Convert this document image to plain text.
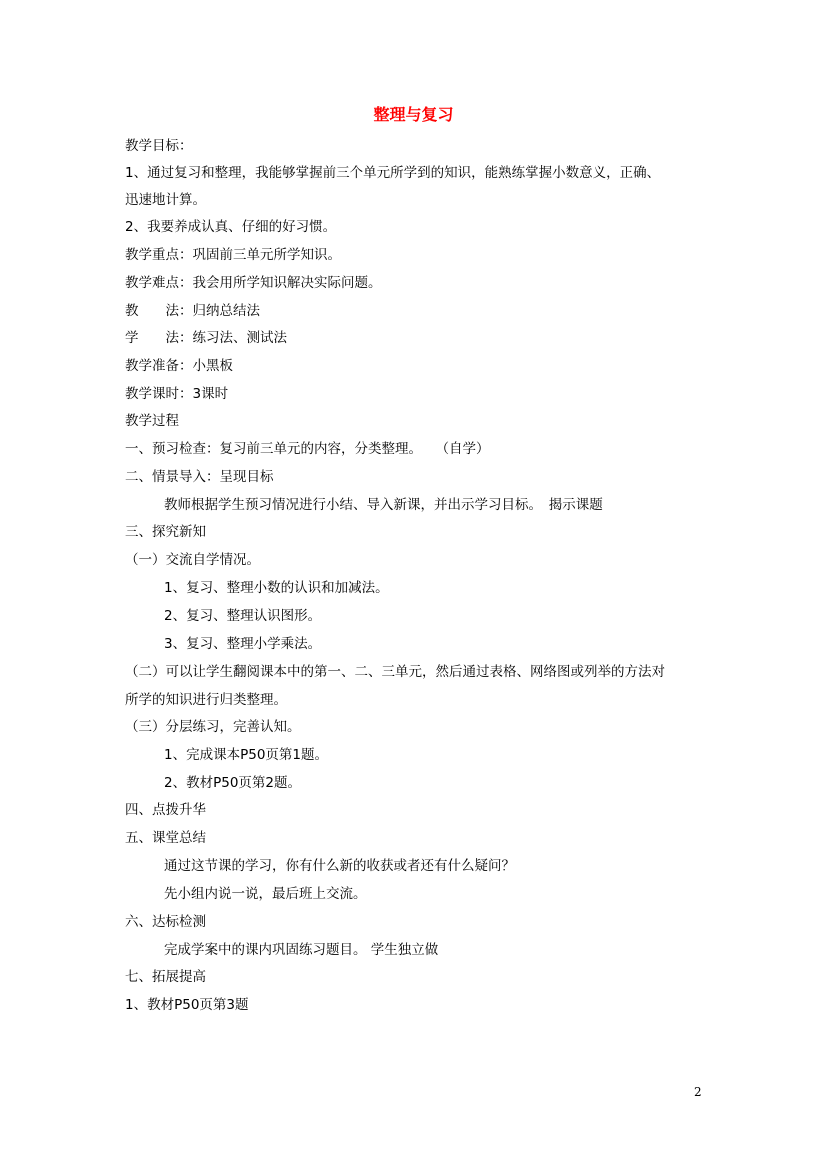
整理与复习
教学目标：
1、通过复习和整理，我能够掌握前三个单元所学到的知识，能熟练掌握小数意义，正确、
迅速地计算。
2、我要养成认真、仔细的好习惯。
教学重点：巩固前三单元所学知识。
教学难点：我会用所学知识解决实际问题。
教　　法：归纳总结法
学　　法：练习法、测试法
教学准备：小黑板
教学课时：3课时
教学过程
一、预习检查：复习前三单元的内容，分类整理。　　（自学）
二、情景导入：呈现目标
教师根据学生预习情况进行小结、导入新课，并出示学习目标。　揭示课题
三、探究新知
（一）交流自学情况。
1、复习、整理小数的认识和加减法。
2、复习、整理认识图形。
3、复习、整理小学乘法。
（二）可以让学生翻阅课本中的第一、二、三单元，然后通过表格、网络图或列举的方法对
所学的知识进行归类整理。
（三）分层练习，完善认知。
1、完成课本P50页第1题。
2、教材P50页第2题。
四、点拨升华
五、课堂总结
通过这节课的学习，你有什么新的收获或者还有什么疑问？
先小组内说一说，最后班上交流。
六、达标检测
完成学案中的课内巩固练习题目。 学生独立做
七、拓展提高
1、教材P50页第3题
2
